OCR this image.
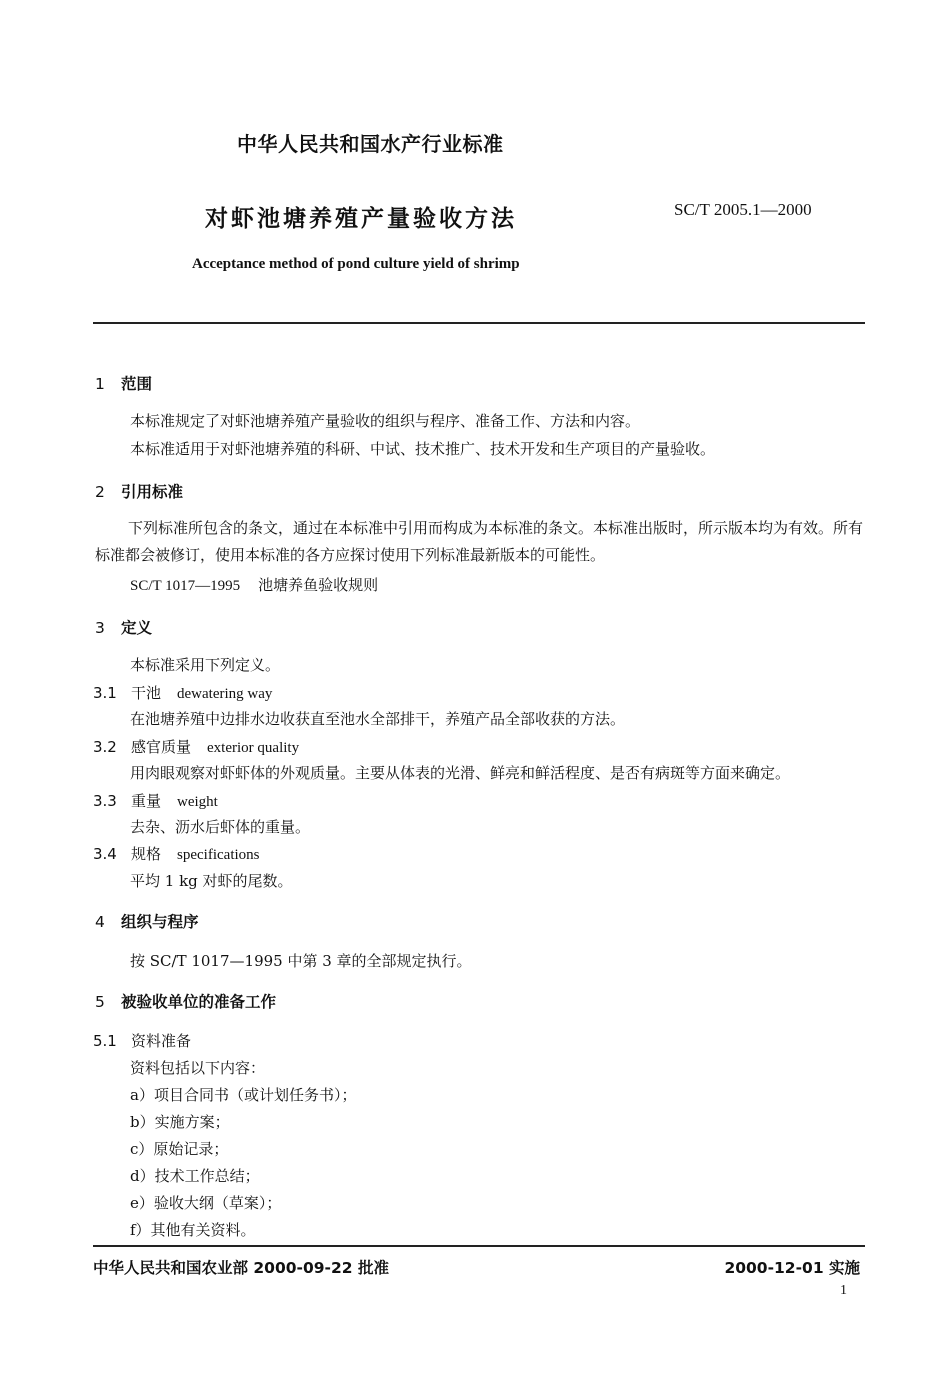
中华人民共和国水产行业标准
对虾池塘养殖产量验收方法	SC/T 2005.1—2000
Acceptance method of pond culture yield of shrimp
1 范围
本标准规定了对虾池塘养殖产量验收的组织与程序、准备工作、方法和内容。
本标准适用于对虾池塘养殖的科研、中试、技术推广、技术开发和生产项目的产量验收。
2 引用标准
下列标准所包含的条文，通过在本标准中引用而构成为本标准的条文。本标准出版时，所示版本均为有效。所有标准都会被修订，使用本标准的各方应探讨使用下列标准最新版本的可能性。
SC/T 1017—1995 池塘养鱼验收规则
3 定义
本标准采用下列定义。
3.1 干池 dewatering way
在池塘养殖中边排水边收获直至池水全部排干，养殖产品全部收获的方法。
3.2 感官质量 exterior quality
用肉眼观察对虾虾体的外观质量。主要从体表的光滑、鲜亮和鲜活程度、是否有病斑等方面来确定。
3.3 重量 weight
去杂、沥水后虾体的重量。
3.4 规格 specifications
平均 1 kg 对虾的尾数。
4 组织与程序
按 SC/T 1017—1995 中第 3 章的全部规定执行。
5 被验收单位的准备工作
5.1 资料准备
资料包括以下内容：
a）项目合同书（或计划任务书）；
b）实施方案；
c）原始记录；
d）技术工作总结；
e）验收大纲（草案）；
f）其他有关资料。
中华人民共和国农业部 2000-09-22 批准	2000-12-01 实施
1
